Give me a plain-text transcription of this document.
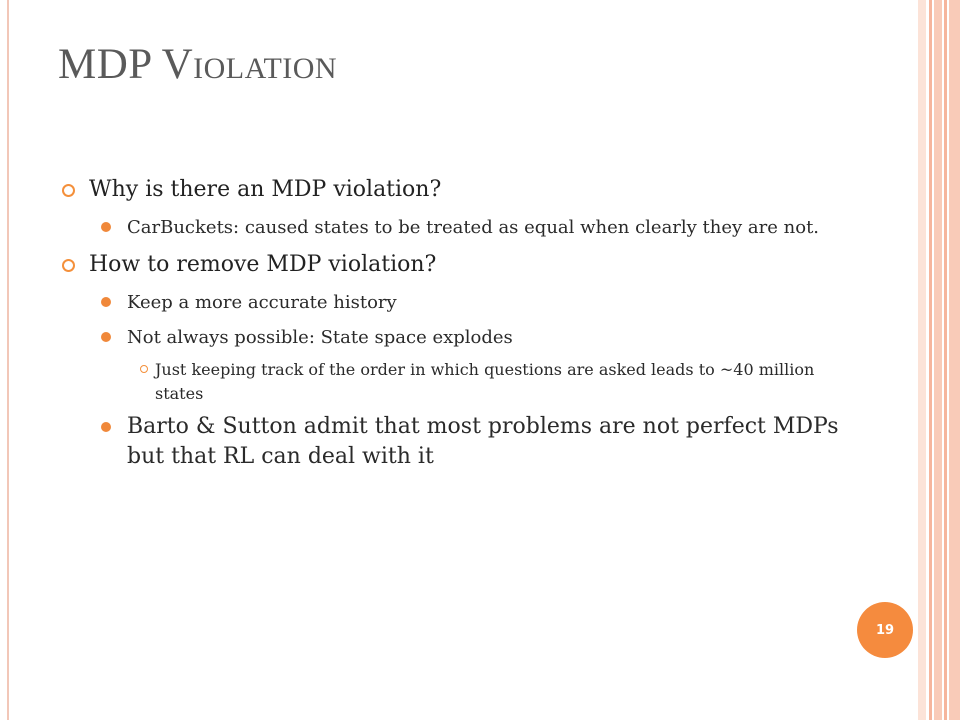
MDP Violation
Why is there an MDP violation?
CarBuckets: caused states to be treated as equal when clearly they are not.
How to remove MDP violation?
Keep a more accurate history
Not always possible: State space explodes
Just keeping track of the order in which questions are asked leads to ~40 million states
Barto & Sutton admit that most problems are not perfect MDPs but that RL can deal with it
19
